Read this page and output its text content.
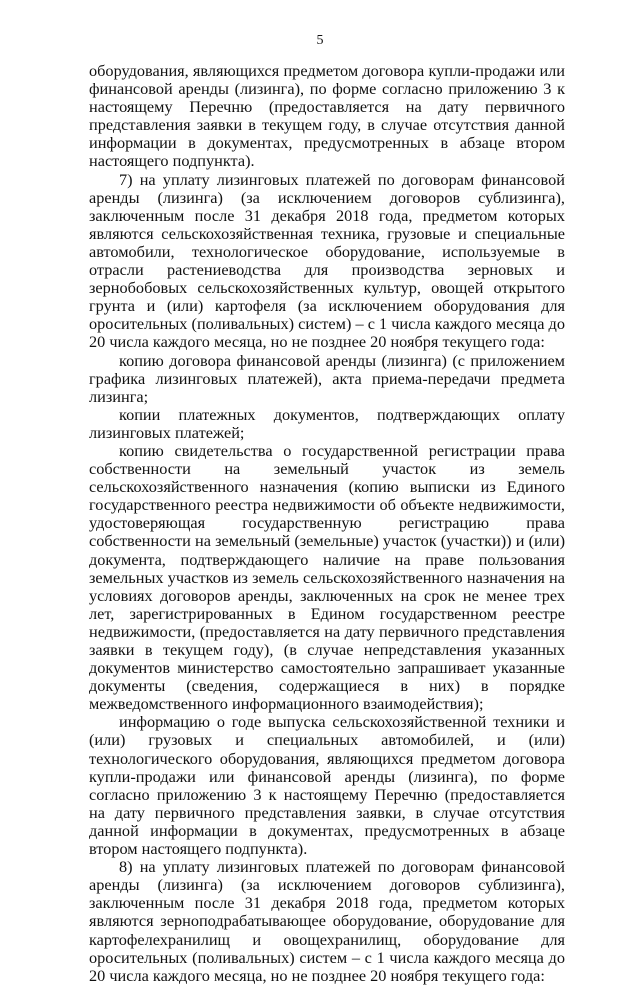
5

оборудования, являющихся предметом договора купли-продажи или финансовой аренды (лизинга), по форме согласно приложению 3 к настоящему Перечню (предоставляется на дату первичного представления заявки в текущем году, в случае отсутствия данной информации в документах, предусмотренных в абзаце втором настоящего подпункта).

7) на уплату лизинговых платежей по договорам финансовой аренды (лизинга) (за исключением договоров сублизинга), заключенным после 31 декабря 2018 года, предметом которых являются сельскохозяйственная техника, грузовые и специальные автомобили, технологическое оборудование, используемые в отрасли растениеводства для производства зерновых и зернобобовых сельскохозяйственных культур, овощей открытого грунта и (или) картофеля (за исключением оборудования для оросительных (поливальных) систем) – с 1 числа каждого месяца до 20 числа каждого месяца, но не позднее 20 ноября текущего года:

копию договора финансовой аренды (лизинга) (с приложением графика лизинговых платежей), акта приема-передачи предмета лизинга;

копии платежных документов, подтверждающих оплату лизинговых платежей;

копию свидетельства о государственной регистрации права собственности на земельный участок из земель сельскохозяйственного назначения (копию выписки из Единого государственного реестра недвижимости об объекте недвижимости, удостоверяющая государственную регистрацию права собственности на земельный (земельные) участок (участки)) и (или) документа, подтверждающего наличие на праве пользования земельных участков из земель сельскохозяйственного назначения на условиях договоров аренды, заключенных на срок не менее трех лет, зарегистрированных в Едином государственном реестре недвижимости, (предоставляется на дату первичного представления заявки в текущем году), (в случае непредставления указанных документов министерство самостоятельно запрашивает указанные документы (сведения, содержащиеся в них) в порядке межведомственного информационного взаимодействия);

информацию о годе выпуска сельскохозяйственной техники и (или) грузовых и специальных автомобилей, и (или) технологического оборудования, являющихся предметом договора купли-продажи или финансовой аренды (лизинга), по форме согласно приложению 3 к настоящему Перечню (предоставляется на дату первичного представления заявки, в случае отсутствия данной информации в документах, предусмотренных в абзаце втором настоящего подпункта).

8) на уплату лизинговых платежей по договорам финансовой аренды (лизинга) (за исключением договоров сублизинга), заключенным после 31 декабря 2018 года, предметом которых являются зерноподрабатывающее оборудование, оборудование для картофелехранилищ и овощехранилищ, оборудование для оросительных (поливальных) систем – с 1 числа каждого месяца до 20 числа каждого месяца, но не позднее 20 ноября текущего года:
